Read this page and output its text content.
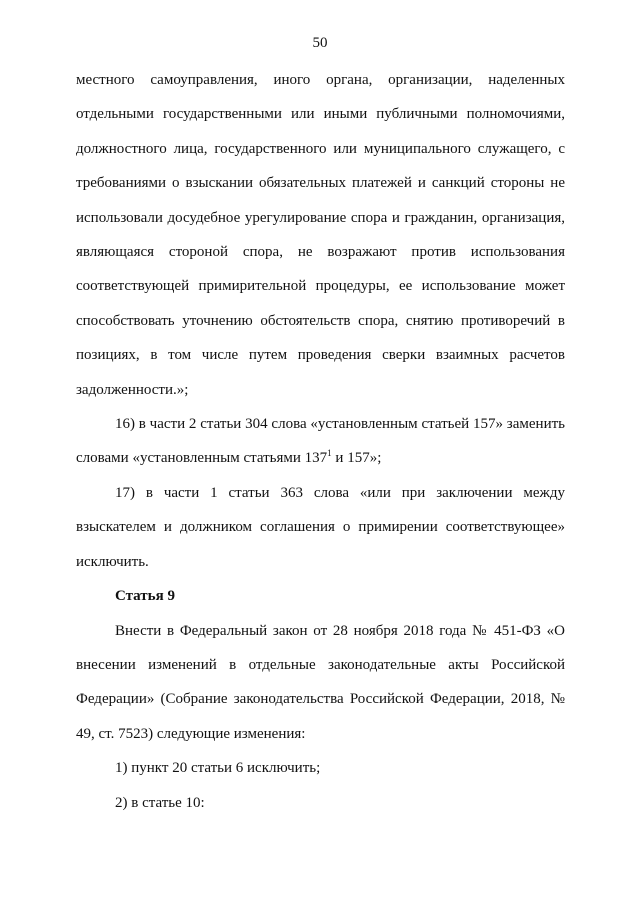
50

местного самоуправления, иного органа, организации, наделенных отдельными государственными или иными публичными полномочиями, должностного лица, государственного или муниципального служащего, с требованиями о взыскании обязательных платежей и санкций стороны не использовали досудебное урегулирование спора и гражданин, организация, являющаяся стороной спора, не возражают против использования соответствующей примирительной процедуры, ее использование может способствовать уточнению обстоятельств спора, снятию противоречий в позициях, в том числе путем проведения сверки взаимных расчетов задолженности.»;

16) в части 2 статьи 304 слова «установленным статьей 157» заменить словами «установленным статьями $137^1$ и 157»;

17) в части 1 статьи 363 слова «или при заключении между взыскателем и должником соглашения о примирении соответствующее» исключить.

Статья 9

Внести в Федеральный закон от 28 ноября 2018 года № 451-ФЗ «О внесении изменений в отдельные законодательные акты Российской Федерации» (Собрание законодательства Российской Федерации, 2018, № 49, ст. 7523) следующие изменения:

1) пункт 20 статьи 6 исключить;

2) в статье 10:
